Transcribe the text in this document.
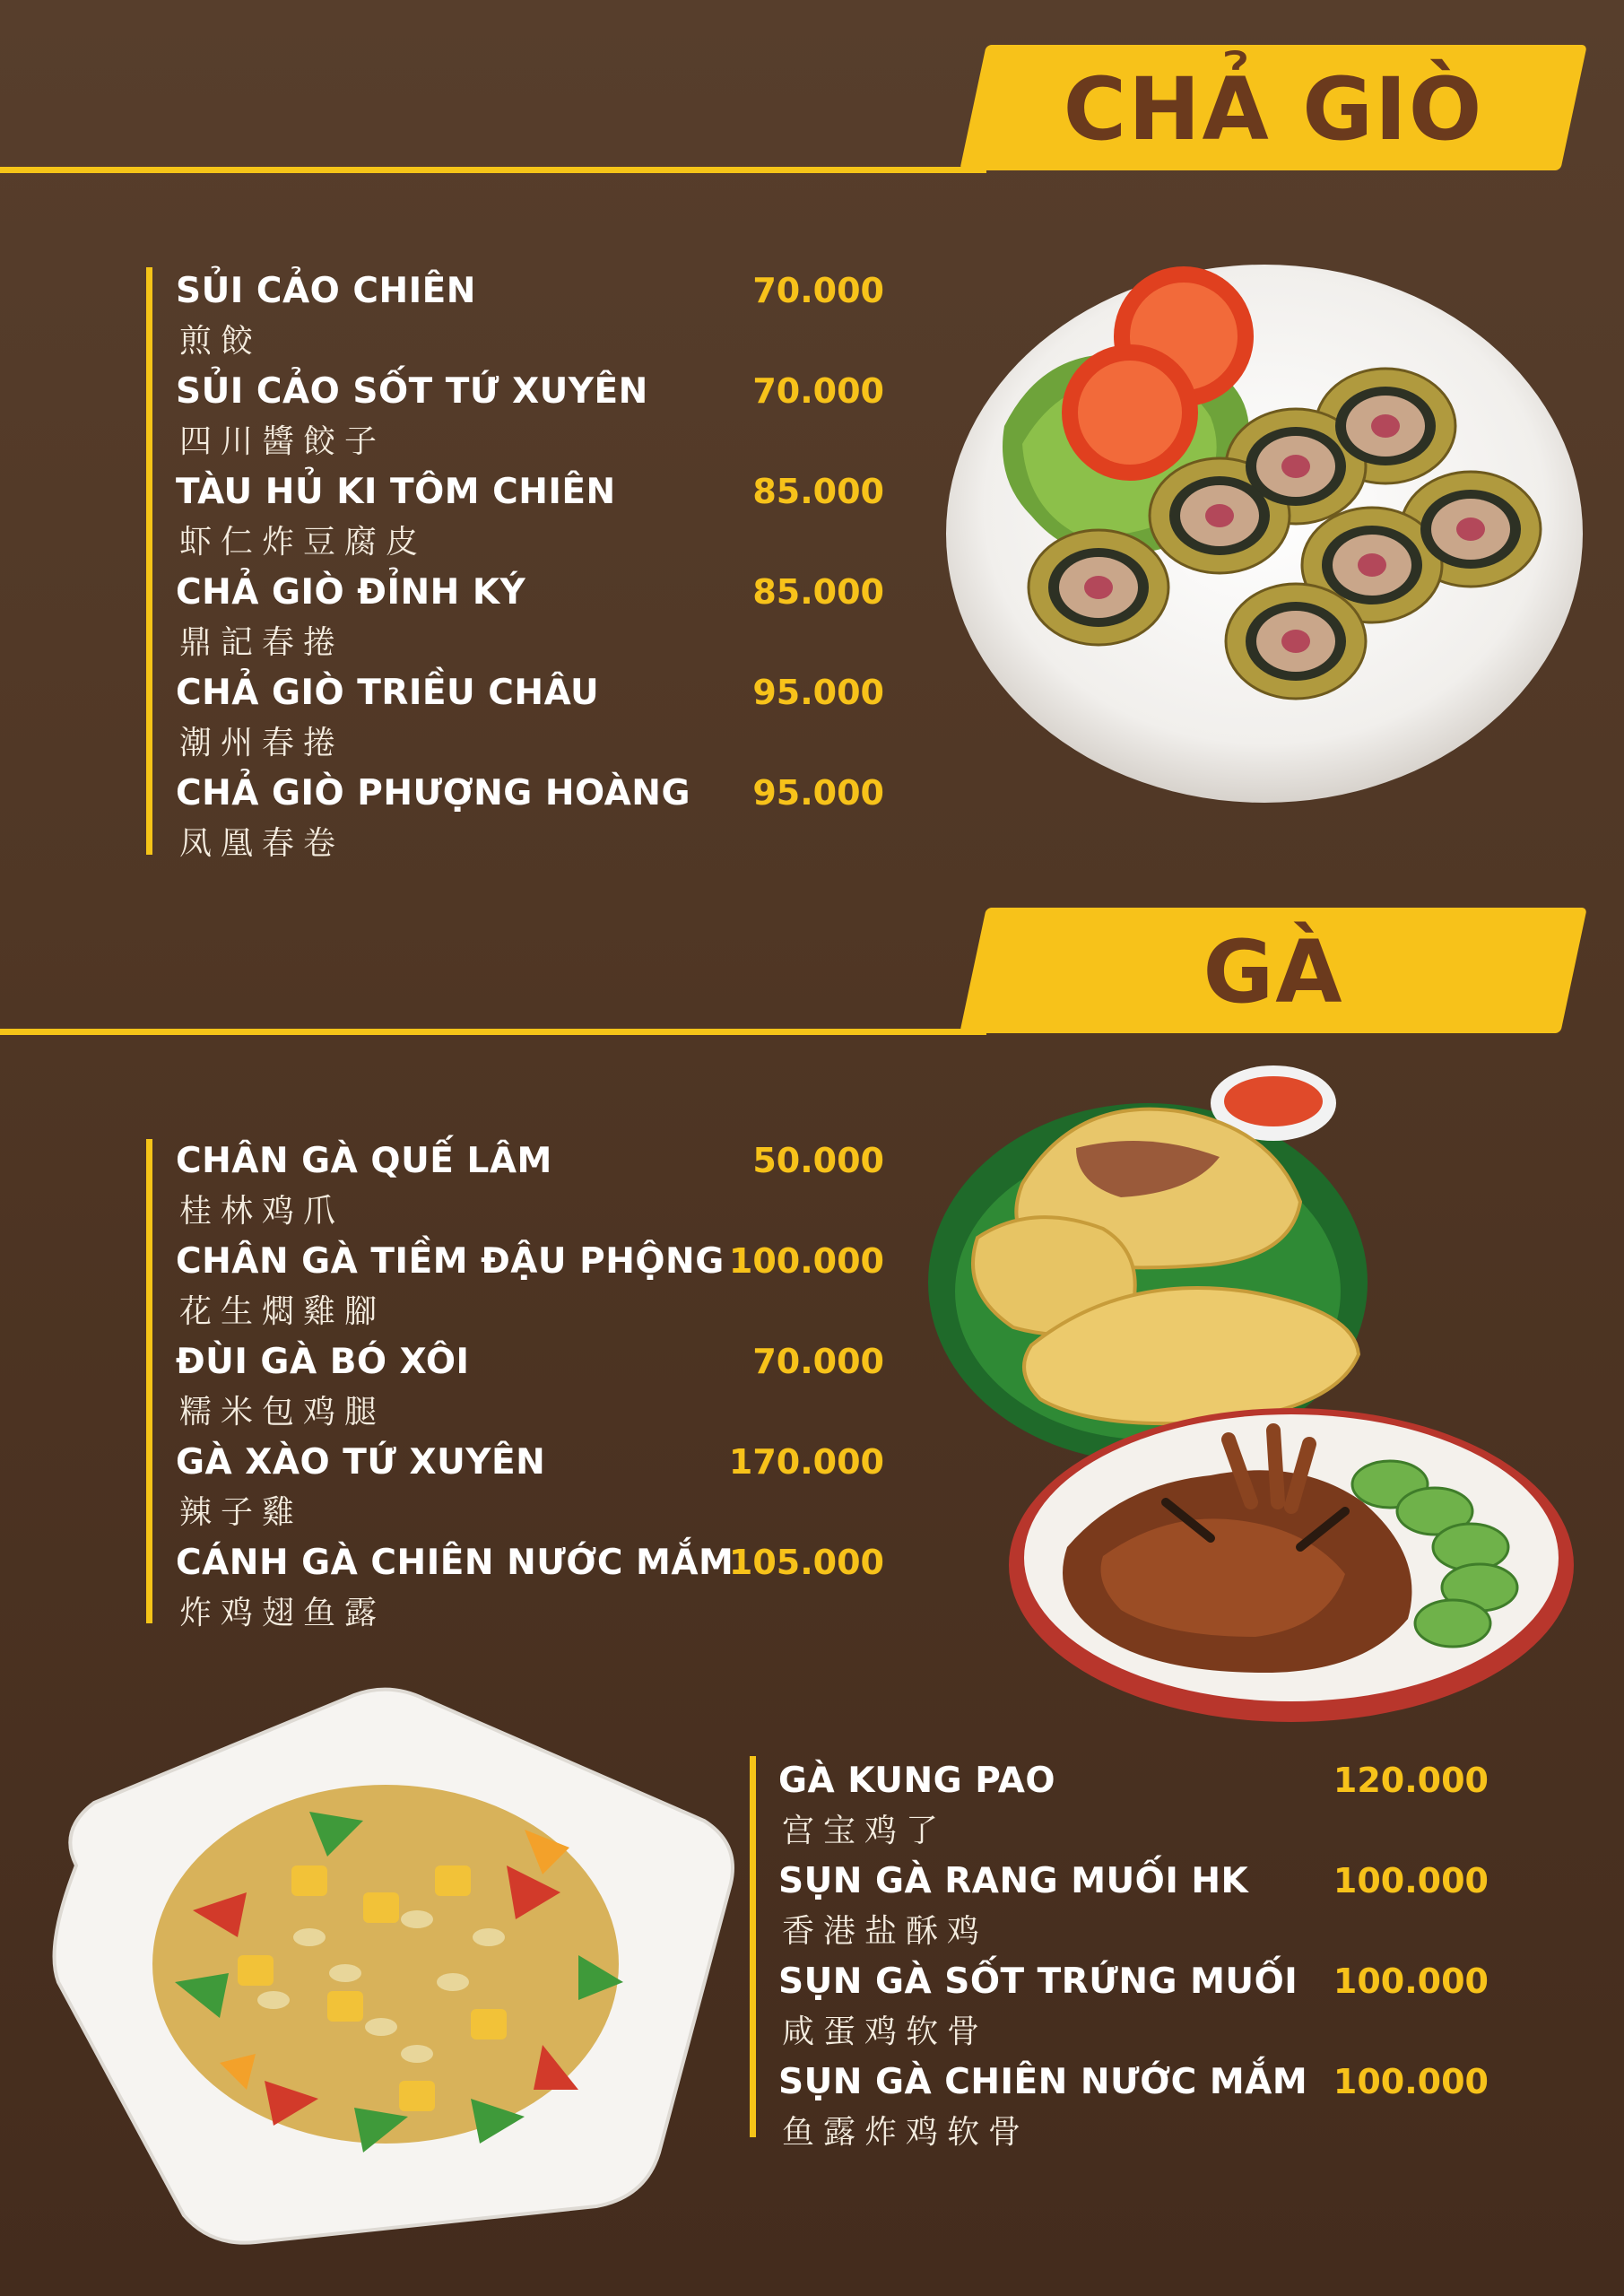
CHẢ GIÒ
SỦI CẢO CHIÊN	70.000
煎餃
SỦI CẢO SỐT TỨ XUYÊN	70.000
四川醬餃子
TÀU HỦ KI TÔM CHIÊN	85.000
虾仁炸豆腐皮
CHẢ GIÒ ĐỈNH KÝ	85.000
鼎記春捲
CHẢ GIÒ TRIỀU CHÂU	95.000
潮州春捲
CHẢ GIÒ PHƯỢNG HOÀNG 95.000
凤凰春卷
GÀ
CHÂN GÀ QUẾ LÂM	50.000
桂林鸡爪
CHÂN GÀ TIỀM ĐẬU PHỘNG 100.000
花生燜雞腳
ĐÙI GÀ BÓ XÔI	70.000
糯米包鸡腿
GÀ XÀO TỨ XUYÊN	170.000
辣子雞
CÁNH GÀ CHIÊN NƯỚC MẮM
105.000
炸鸡翅鱼露
GÀ KUNG PAO	120.000
宫宝鸡了
SỤN GÀ RANG MUỐI HK 100.000
香港盐酥鸡
SỤN GÀ SỐT TRỨNG MUỐI 100.000
咸蛋鸡软骨
SỤN GÀ CHIÊN NƯỚC MẮM 100.000
鱼露炸鸡软骨
